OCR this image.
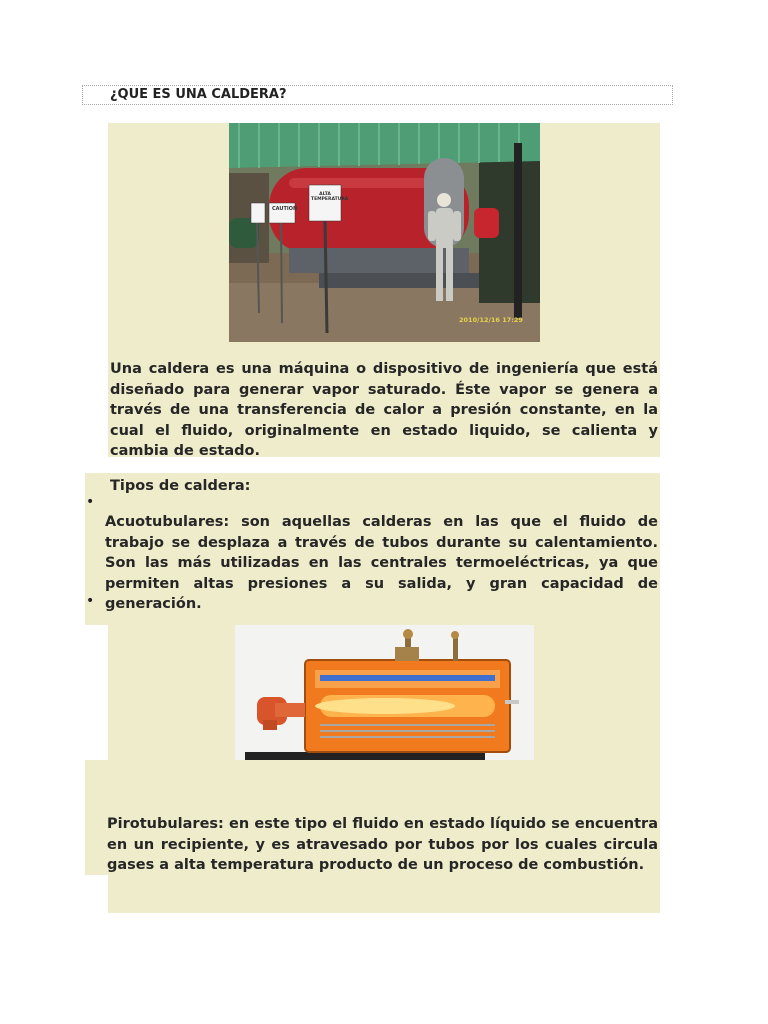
¿QUE ES UNA CALDERA?
CAUTION
ALTA TEMPERATURA
2010/12/16 17:29
Una caldera es una máquina o dispositivo de ingeniería que está diseñado para generar vapor saturado. Éste vapor se genera a través de una transferencia de calor a presión constante, en la cual el fluido, originalmente en estado liquido, se calienta y cambia de estado.
Tipos de caldera:
•
Acuotubulares: son aquellas calderas en las que el fluido de trabajo se desplaza a través de tubos durante su calentamiento. Son las más utilizadas en las centrales termoeléctricas, ya que permiten altas presiones a su salida, y gran capacidad de generación.
•
Pirotubulares: en este tipo el fluido en estado líquido se encuentra en un recipiente, y es atravesado por tubos por los cuales circula gases a alta temperatura producto de un proceso de combustión.
